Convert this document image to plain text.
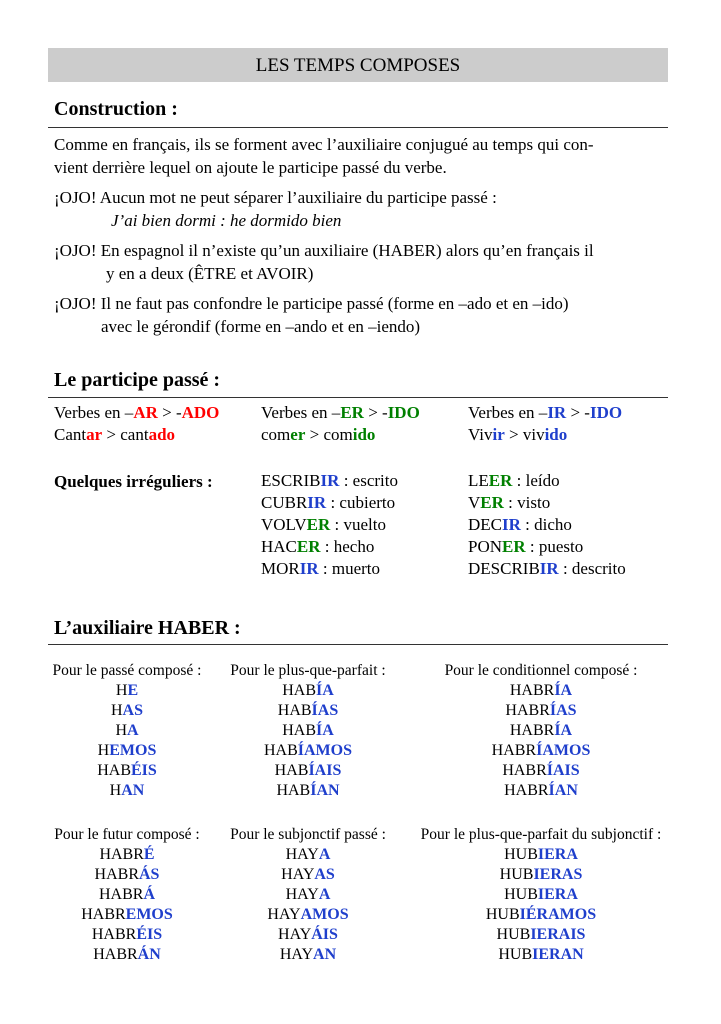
LES TEMPS COMPOSES
Construction :
Comme en français, ils se forment avec l’auxiliaire conjugué au temps qui con-
vient derrière lequel on ajoute le participe passé du verbe.
¡OJO! Aucun mot ne peut séparer l’auxiliaire du participe passé :
J’ai bien dormi : he dormido bien
¡OJO! En espagnol il n’existe qu’un auxiliaire (HABER) alors qu’en français il
y en a deux (ÊTRE et AVOIR)
¡OJO! Il ne faut pas confondre le participe passé (forme en –ado et en –ido)
avec le gérondif (forme en –ando et en –iendo)
Le participe passé :
Verbes en –AR > -ADO
Cantar > cantado
Verbes en –ER > -IDO
comer > comido
Verbes en –IR > -IDO
Vivir > vivido
Quelques irréguliers :	ESCRIBIR : escrito
CUBRIR : cubierto
VOLVER : vuelto
HACER : hecho
MORIR : muerto
LEER : leído
VER : visto
DECIR : dicho
PONER : puesto
DESCRIBIR : descrito
L’auxiliaire HABER :
Pour le passé composé :
HE
HAS
HA
HEMOS
HABÉIS
HAN
Pour le plus-que-parfait :
HABÍA
HABÍAS
HABÍA
HABÍAMOS
HABÍAIS
HABÍAN
Pour le conditionnel composé :
HABRÍA
HABRÍAS
HABRÍA
HABRÍAMOS
HABRÍAIS
HABRÍAN
Pour le futur composé :
HABRÉ
HABRÁS
HABRÁ
HABREMOS
HABRÉIS
HABRÁN
Pour le subjonctif passé :
HAYA
HAYAS
HAYA
HAYAMOS
HAYÁIS
HAYAN
Pour le plus-que-parfait du subjonctif :
HUBIERA
HUBIERAS
HUBIERA
HUBIÉRAMOS
HUBIERAIS
HUBIERAN
